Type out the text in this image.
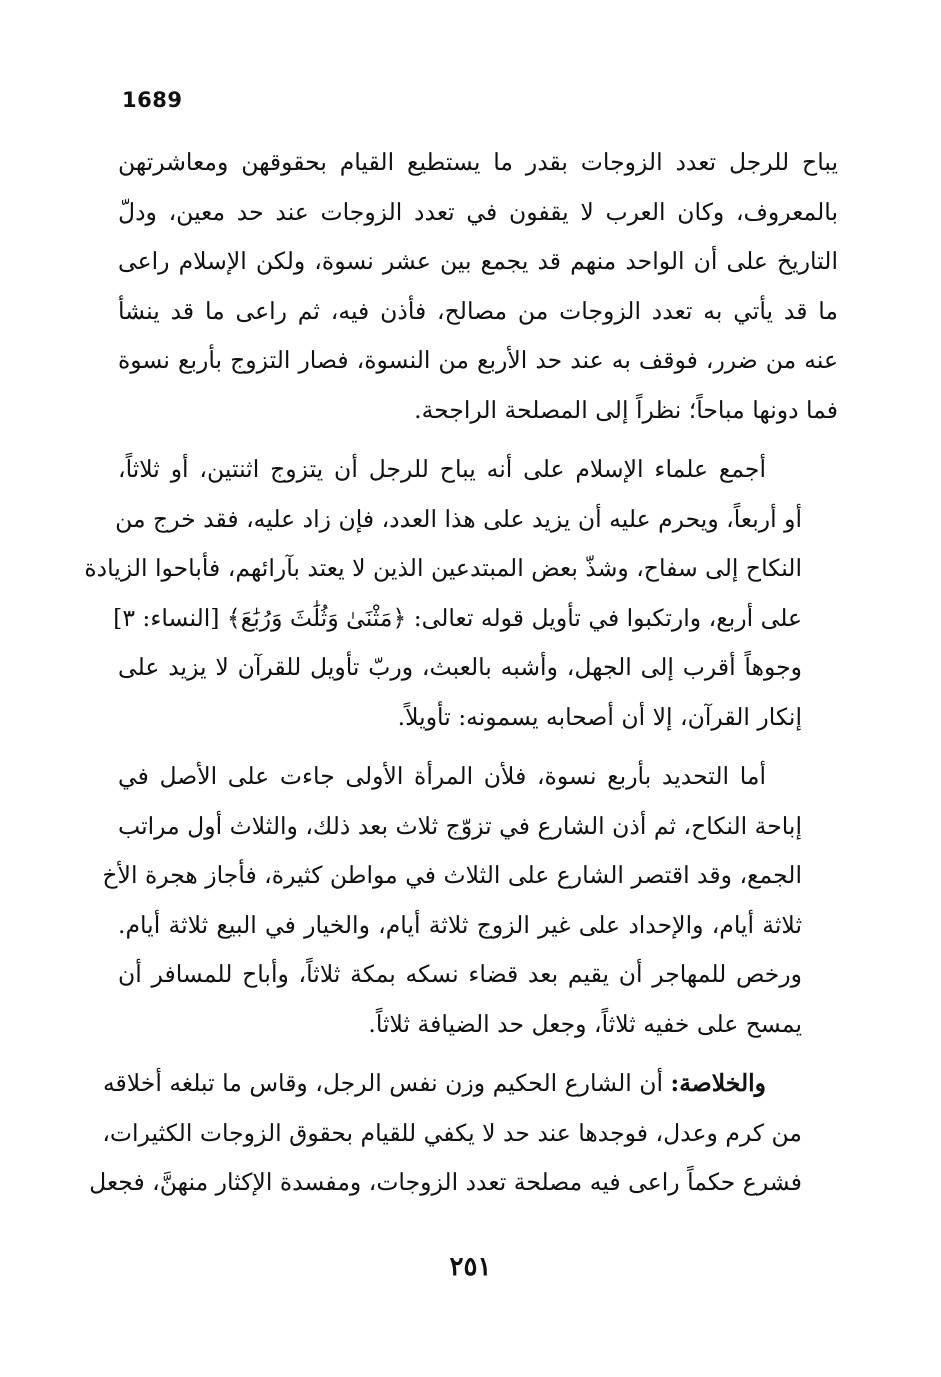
1689

يباح للرجل تعدد الزوجات بقدر ما يستطيع القيام بحقوقهن ومعاشرتهن
بالمعروف، وكان العرب لا يقفون في تعدد الزوجات عند حد معين، ودلّ
التاريخ على أن الواحد منهم قد يجمع بين عشر نسوة، ولكن الإسلام راعى
ما قد يأتي به تعدد الزوجات من مصالح، فأذن فيه، ثم راعى ما قد ينشأ
عنه من ضرر، فوقف به عند حد الأربع من النسوة، فصار التزوج بأربع نسوة
فما دونها مباحاً؛ نظراً إلى المصلحة الراجحة.

أجمع علماء الإسلام على أنه يباح للرجل أن يتزوج اثنتين، أو ثلاثاً،
أو أربعاً، ويحرم عليه أن يزيد على هذا العدد، فإن زاد عليه، فقد خرج من
النكاح إلى سفاح، وشذّ بعض المبتدعين الذين لا يعتد بآرائهم، فأباحوا الزيادة
على أربع، وارتكبوا في تأويل قوله تعالى: ﴿مَثْنَىٰ وَثُلَٰثَ وَرُبَٰعَ﴾ [النساء: ٣]
وجوهاً أقرب إلى الجهل، وأشبه بالعبث، وربّ تأويل للقرآن لا يزيد على
إنكار القرآن، إلا أن أصحابه يسمونه: تأويلاً.

أما التحديد بأربع نسوة، فلأن المرأة الأولى جاءت على الأصل في
إباحة النكاح، ثم أذن الشارع في تزوّج ثلاث بعد ذلك، والثلاث أول مراتب
الجمع، وقد اقتصر الشارع على الثلاث في مواطن كثيرة، فأجاز هجرة الأخ
ثلاثة أيام، والإحداد على غير الزوج ثلاثة أيام، والخيار في البيع ثلاثة أيام.
ورخص للمهاجر أن يقيم بعد قضاء نسكه بمكة ثلاثاً، وأباح للمسافر أن
يمسح على خفيه ثلاثاً، وجعل حد الضيافة ثلاثاً.

والخلاصة: أن الشارع الحكيم وزن نفس الرجل، وقاس ما تبلغه أخلاقه
من كرم وعدل، فوجدها عند حد لا يكفي للقيام بحقوق الزوجات الكثيرات،
فشرع حكماً راعى فيه مصلحة تعدد الزوجات، ومفسدة الإكثار منهنَّ، فجعل

٢٥١
